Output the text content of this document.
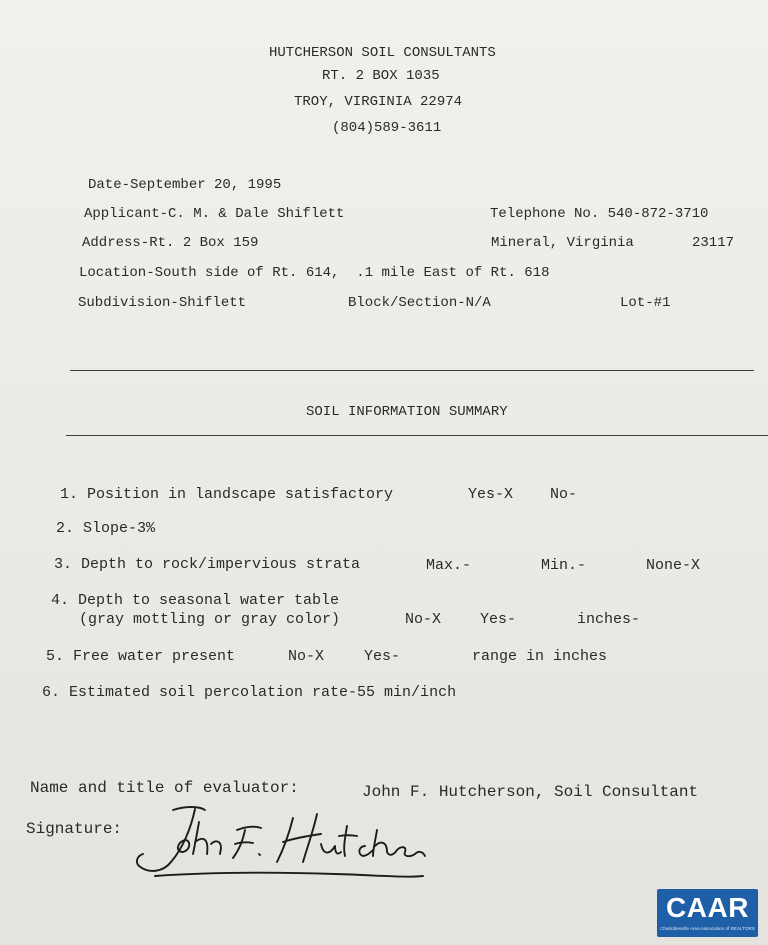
HUTCHERSON SOIL CONSULTANTS
RT. 2 BOX 1035
TROY, VIRGINIA 22974
(804)589-3611
Date-September 20, 1995
Applicant-C. M. & Dale Shiflett	Telephone No. 540-872-3710
Address-Rt. 2 Box 159	Mineral, Virginia	23117
Location-South side of Rt. 614,  .1 mile East of Rt. 618
Subdivision-Shiflett	Block/Section-N/A	Lot-#1
SOIL INFORMATION SUMMARY
1. Position in landscape satisfactory	Yes-X No-
2. Slope-3%
3. Depth to rock/impervious strata	Max.-	Min.-	None-X
4. Depth to seasonal water table
(gray mottling or gray color)	No-X	Yes-	inches-
5. Free water present	No-X	Yes-	range in inches
6. Estimated soil percolation rate-55 min/inch
Name and title of evaluator:	John F. Hutcherson, Soil Consultant
Signature:
CAAR
Charlottesville Area Association of REALTORS
